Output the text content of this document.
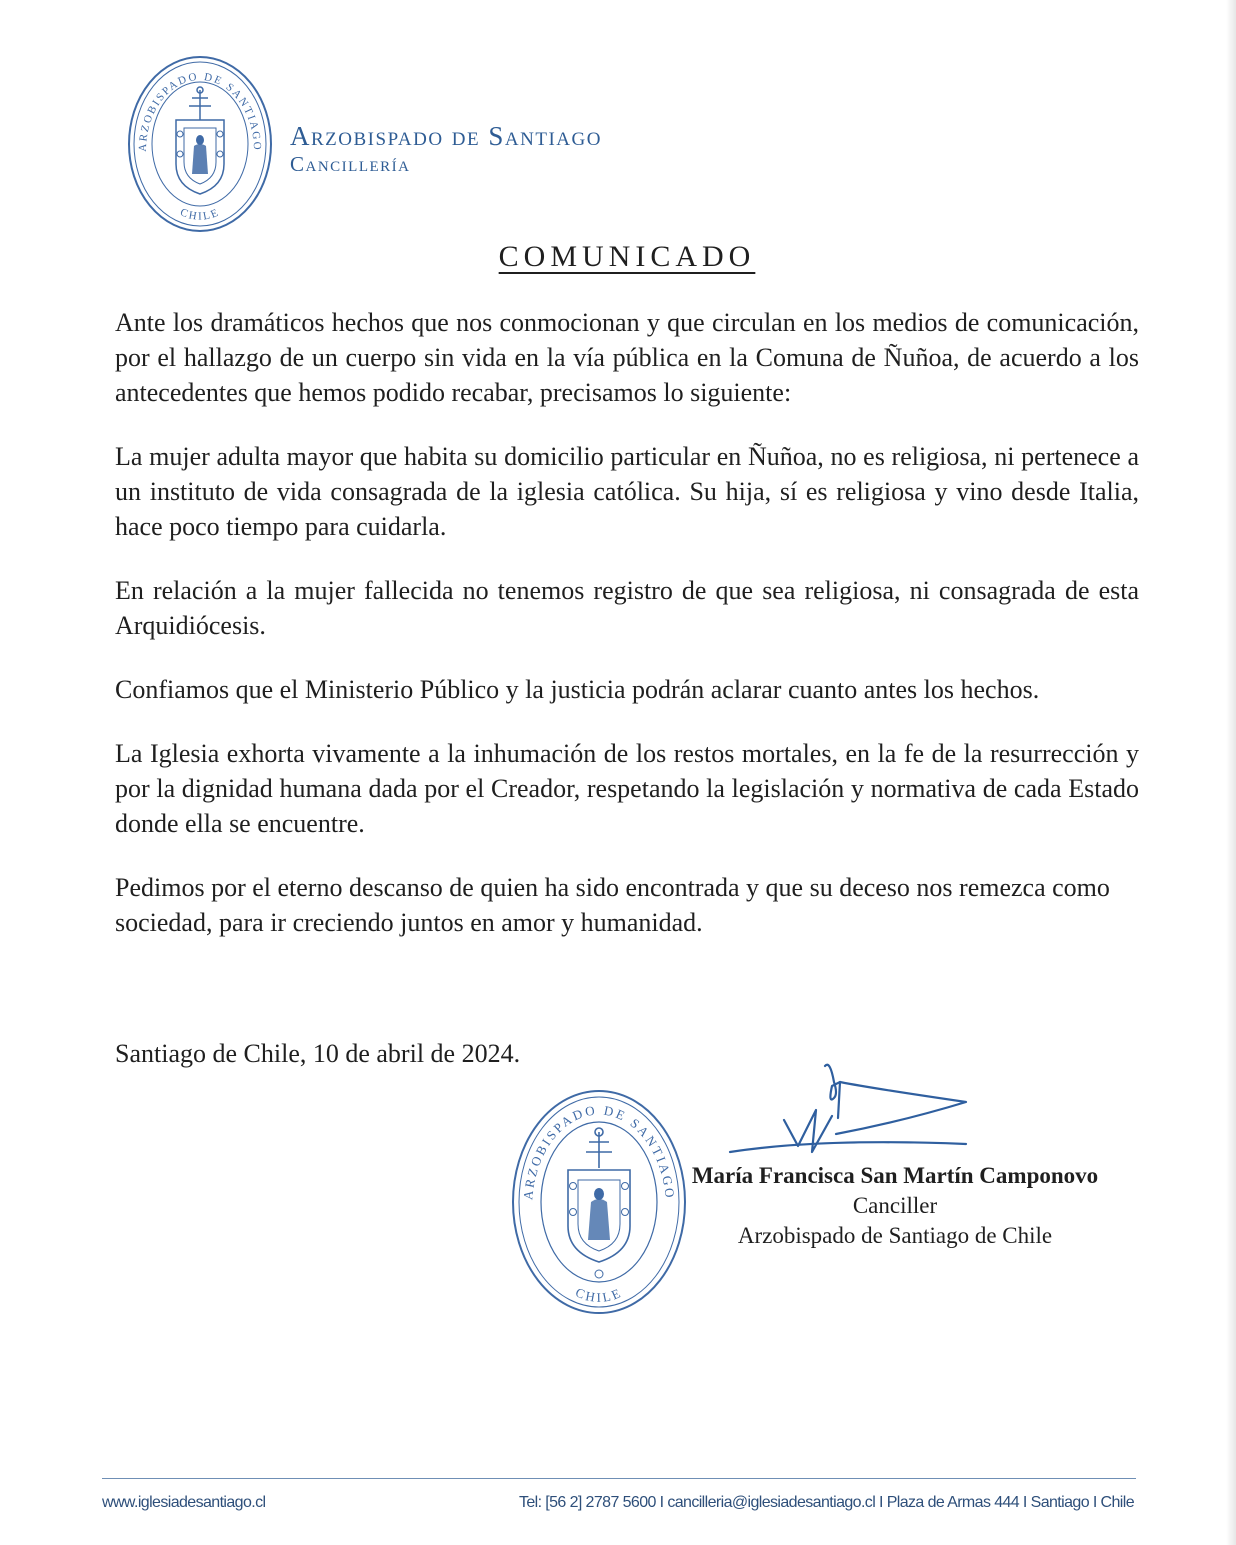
ARZOBISPADO DE SANTIAGO
CHILE
Arzobispado de Santiago
Cancillería
COMUNICADO

Ante los dramáticos hechos que nos conmocionan y que circulan en los medios de comunicación, por el hallazgo de un cuerpo sin vida en la vía pública en la Comuna de Ñuñoa, de acuerdo a los antecedentes que hemos podido recabar, precisamos lo siguiente:

La mujer adulta mayor que habita su domicilio particular en Ñuñoa, no es religiosa, ni pertenece a un instituto de vida consagrada de la iglesia católica. Su hija, sí es religiosa y vino desde Italia, hace poco tiempo para cuidarla.

En relación a la mujer fallecida no tenemos registro de que sea religiosa, ni consagrada de esta Arquidiócesis.

Confiamos que el Ministerio Público y la justicia podrán aclarar cuanto antes los hechos.

La Iglesia exhorta vivamente a la inhumación de los restos mortales, en la fe de la resurrección y por la dignidad humana dada por el Creador, respetando la legislación y normativa de cada Estado donde ella se encuentre.

Pedimos por el eterno descanso de quien ha sido encontrada y que su deceso nos remezca como sociedad, para ir creciendo juntos en amor y humanidad.

Santiago de Chile, 10 de abril de 2024.
ARZOBISPADO DE SANTIAGO
CHILE
María Francisca San Martín Camponovo
Canciller
Arzobispado de Santiago de Chile
www.iglesiadesantiago.cl	Tel: [56 2] 2787 5600 I cancilleria@iglesiadesantiago.cl I Plaza de Armas 444 I Santiago I Chile
